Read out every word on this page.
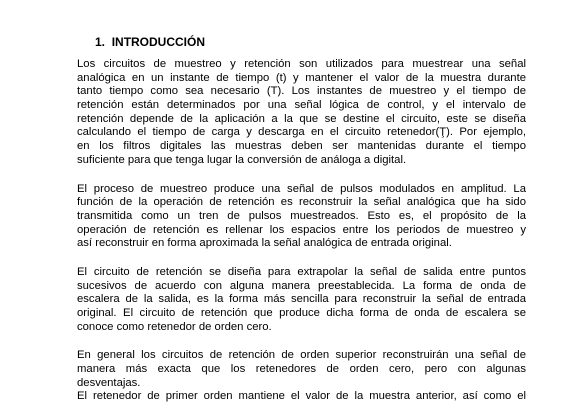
1. INTRODUCCIÓN
Los circuitos de muestreo y retención son utilizados para muestrear una señal
analógica en un instante de tiempo (t) y mantener el valor de la muestra durante
tanto tiempo como sea necesario (T). Los instantes de muestreo y el tiempo de
retención están determinados por una señal lógica de control, y el intervalo de
retención depende de la aplicación a la que se destine el circuito, este se diseña
calculando el tiempo de carga y descarga en el circuito retenedor(Ţ). Por ejemplo,
en los filtros digitales las muestras deben ser mantenidas durante el tiempo
suficiente para que tenga lugar la conversión de análoga a digital.
El proceso de muestreo produce una señal de pulsos modulados en amplitud. La
función de la operación de retención es reconstruir la señal analógica que ha sido
transmitida como un tren de pulsos muestreados. Esto es, el propósito de la
operación de retención es rellenar los espacios entre los periodos de muestreo y
así reconstruir en forma aproximada la señal analógica de entrada original.
El circuito de retención se diseña para extrapolar la señal de salida entre puntos
sucesivos de acuerdo con alguna manera preestablecida. La forma de onda de
escalera de la salida, es la forma más sencilla para reconstruir la señal de entrada
original. El circuito de retención que produce dicha forma de onda de escalera se
conoce como retenedor de orden cero.
En general los circuitos de retención de orden superior reconstruirán una señal de
manera más exacta que los retenedores de orden cero, pero con algunas
desventajas.
El retenedor de primer orden mantiene el valor de la muestra anterior, así como el
